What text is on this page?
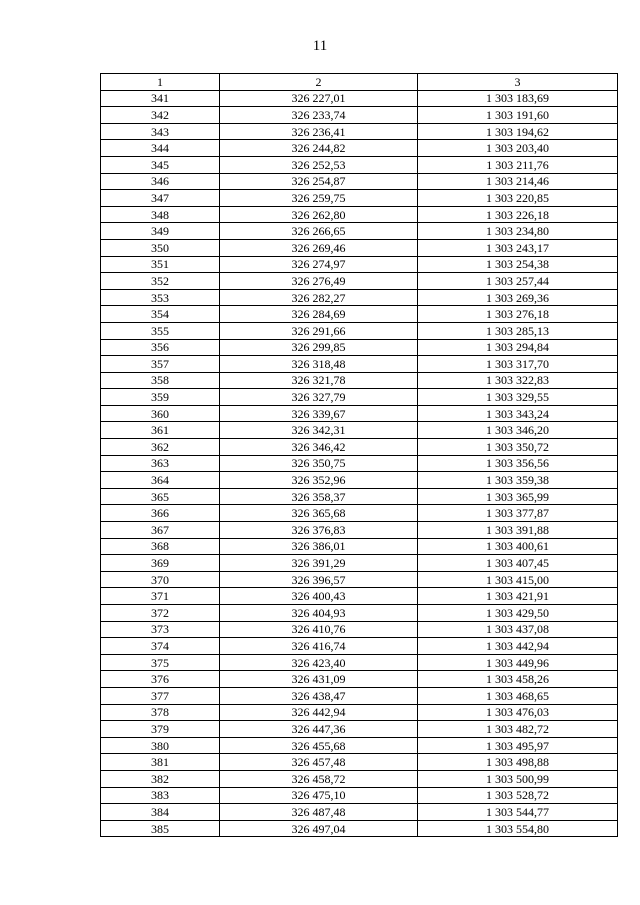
11
1	2	3
341	326 227,01	1 303 183,69
342	326 233,74	1 303 191,60
343	326 236,41	1 303 194,62
344	326 244,82	1 303 203,40
345	326 252,53	1 303 211,76
346	326 254,87	1 303 214,46
347	326 259,75	1 303 220,85
348	326 262,80	1 303 226,18
349	326 266,65	1 303 234,80
350	326 269,46	1 303 243,17
351	326 274,97	1 303 254,38
352	326 276,49	1 303 257,44
353	326 282,27	1 303 269,36
354	326 284,69	1 303 276,18
355	326 291,66	1 303 285,13
356	326 299,85	1 303 294,84
357	326 318,48	1 303 317,70
358	326 321,78	1 303 322,83
359	326 327,79	1 303 329,55
360	326 339,67	1 303 343,24
361	326 342,31	1 303 346,20
362	326 346,42	1 303 350,72
363	326 350,75	1 303 356,56
364	326 352,96	1 303 359,38
365	326 358,37	1 303 365,99
366	326 365,68	1 303 377,87
367	326 376,83	1 303 391,88
368	326 386,01	1 303 400,61
369	326 391,29	1 303 407,45
370	326 396,57	1 303 415,00
371	326 400,43	1 303 421,91
372	326 404,93	1 303 429,50
373	326 410,76	1 303 437,08
374	326 416,74	1 303 442,94
375	326 423,40	1 303 449,96
376	326 431,09	1 303 458,26
377	326 438,47	1 303 468,65
378	326 442,94	1 303 476,03
379	326 447,36	1 303 482,72
380	326 455,68	1 303 495,97
381	326 457,48	1 303 498,88
382	326 458,72	1 303 500,99
383	326 475,10	1 303 528,72
384	326 487,48	1 303 544,77
385	326 497,04	1 303 554,80
